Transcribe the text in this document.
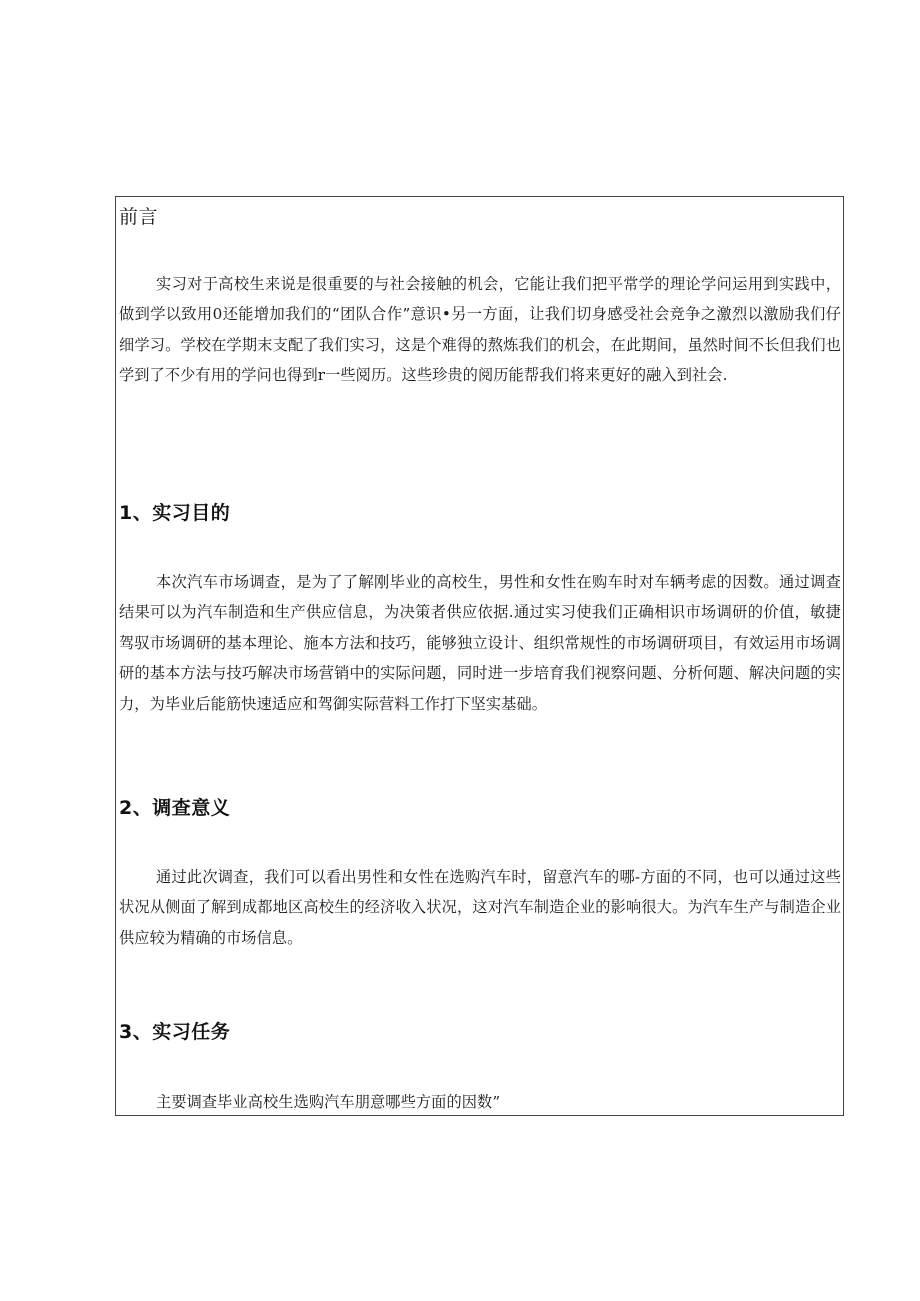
前言

实习对于高校生来说是很重要的与社会接触的机会，它能让我们把平常学的理论学问运用到实践中，做到学以致用0还能增加我们的“团队合作”意识•另一方面，让我们切身感受社会竞争之激烈以激励我们仔细学习。学校在学期末支配了我们实习，这是个难得的熬炼我们的机会，在此期间，虽然时间不长但我们也学到了不少有用的学问也得到r一些阅历。这些珍贵的阅历能帮我们将来更好的融入到社会.

1、实习目的

本次汽车市场调查，是为了了解刚毕业的高校生，男性和女性在购车时对车辆考虑的因数。通过调查结果可以为汽车制造和生产供应信息，为决策者供应依据.通过实习使我们正确相识市场调研的价值，敏捷驾驭市场调研的基本理论、施本方法和技巧，能够独立设计、组织常规性的市场调研项目，有效运用市场调研的基本方法与技巧解决市场营销中的实际问题，同时进一步培育我们视察问题、分析何题、解决问题的实力，为毕业后能筋快速适应和驾御实际营料工作打下坚实基础。

2、调查意义

通过此次调查，我们可以看出男性和女性在选购汽车时，留意汽车的哪-方面的不同，也可以通过这些状况从侧面了解到成都地区高校生的经济收入状况，这对汽车制造企业的影响很大。为汽车生产与制造企业供应较为精确的市场信息。

3、实习任务

主要调查毕业高校生选购汽车朋意哪些方面的因数”
